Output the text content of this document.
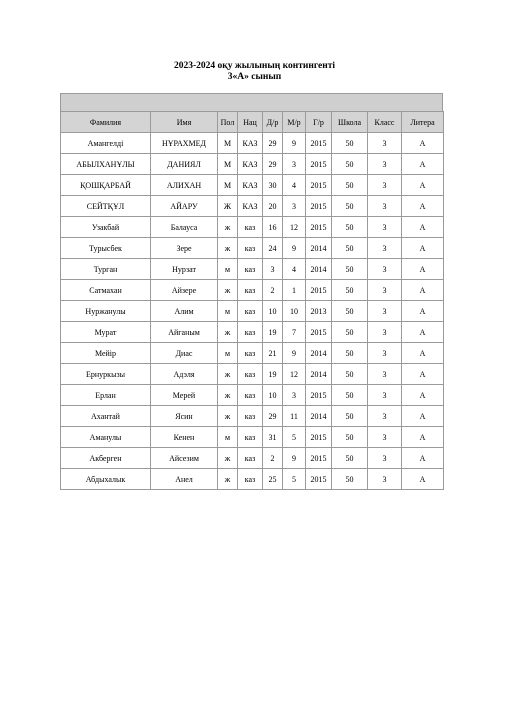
2023-2024 оқу жылының контингенті
3«А» сынып
Фамилия	Имя	Пол	Нац	Д/р	М/р	Г/р	Школа	Класс	Литера
Амангелді	НҰРАХМЕД	М	КАЗ	29	9	2015	50	3	А
АБЫЛХАНҰЛЫ	ДАНИЯЛ	М	КАЗ	29	3	2015	50	3	А
ҚОШҚАРБАЙ	АЛИХАН	М	КАЗ	30	4	2015	50	3	А
СЕЙТҚҰЛ	АЙАРУ	Ж	КАЗ	20	3	2015	50	3	А
Узакбай	Балауса	ж	каз	16	12	2015	50	3	А
Турысбек	Зере	ж	каз	24	9	2014	50	3	А
Турган	Нурзат	м	каз	3	4	2014	50	3	А
Сатмахан	Айзере	ж	каз	2	1	2015	50	3	А
Нуржанулы	Алим	м	каз	10	10	2013	50	3	А
Мурат	Айганым	ж	каз	19	7	2015	50	3	А
Мейір	Диас	м	каз	21	9	2014	50	3	А
Ернуркызы	Адэля	ж	каз	19	12	2014	50	3	А
Ерлан	Мерей	ж	каз	10	3	2015	50	3	А
Ахантай	Ясин	ж	каз	29	11	2014	50	3	А
Аманулы	Кенен	м	каз	31	5	2015	50	3	А
Акберген	Айсезим	ж	каз	2	9	2015	50	3	А
Абдыхалык	Анел	ж	каз	25	5	2015	50	3	А
